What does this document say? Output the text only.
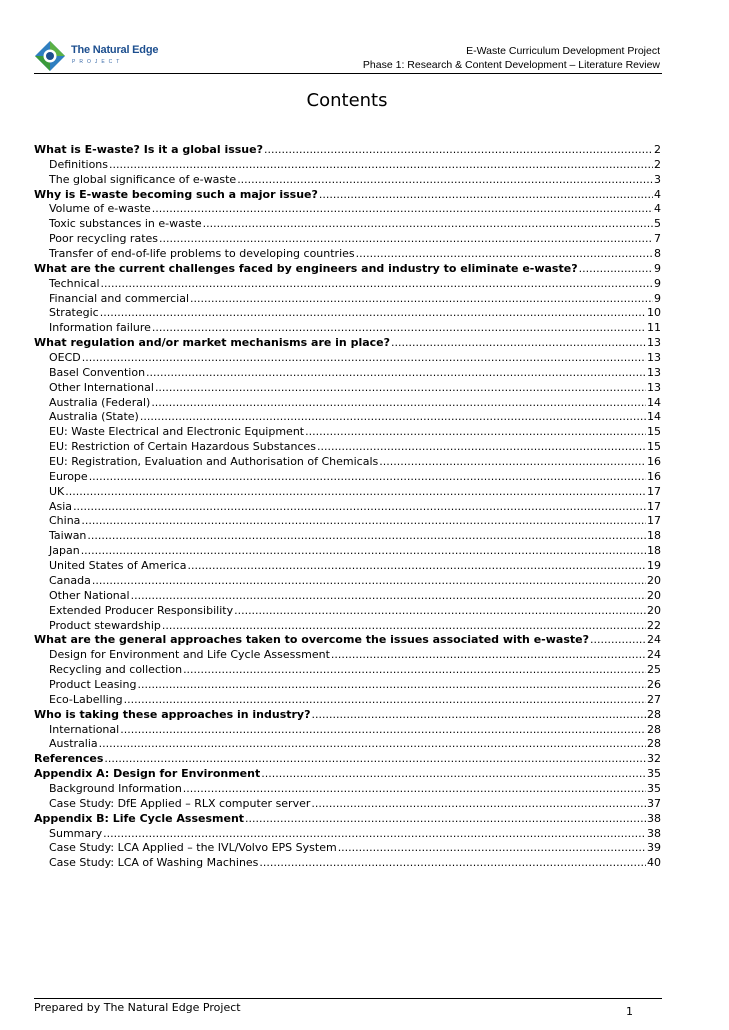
The Natural Edge
PROJECT
E-Waste Curriculum Development Project
Phase 1: Research & Content Development – Literature Review
Contents
What is E-waste? Is it a global issue? .....	2
Definitions .....	2
The global significance of e-waste .....	3
Why is E-waste becoming such a major issue? .....	4
Volume of e-waste .....	4
Toxic substances in e-waste .....	5
Poor recycling rates .....	7
Transfer of end-of-life problems to developing countries .....	8
What are the current challenges faced by engineers and industry to eliminate e-waste? .....	9
Technical .....	9
Financial and commercial .....	9
Strategic .....	10
Information failure .....	11
What regulation and/or market mechanisms are in place? .....	13
OECD .....	13
Basel Convention .....	13
Other International .....	13
Australia (Federal) .....	14
Australia (State) .....	14
EU: Waste Electrical and Electronic Equipment .....	15
EU: Restriction of Certain Hazardous Substances .....	15
EU: Registration, Evaluation and Authorisation of Chemicals .....	16
Europe .....	16
UK .....	17
Asia .....	17
China .....	17
Taiwan .....	18
Japan .....	18
United States of America .....	19
Canada .....	20
Other National .....	20
Extended Producer Responsibility .....	20
Product stewardship .....	22
What are the general approaches taken to overcome the issues associated with e-waste? .....	24
Design for Environment and Life Cycle Assessment .....	24
Recycling and collection .....	25
Product Leasing .....	26
Eco-Labelling .....	27
Who is taking these approaches in industry? .....	28
International .....	28
Australia .....	28
References .....	32
Appendix A: Design for Environment .....	35
Background Information .....	35
Case Study: DfE Applied – RLX computer server .....	37
Appendix B: Life Cycle Assesment .....	38
Summary .....	38
Case Study: LCA Applied – the IVL/Volvo EPS System .....	39
Case Study: LCA of Washing Machines .....	40
Prepared by The Natural Edge Project	1
